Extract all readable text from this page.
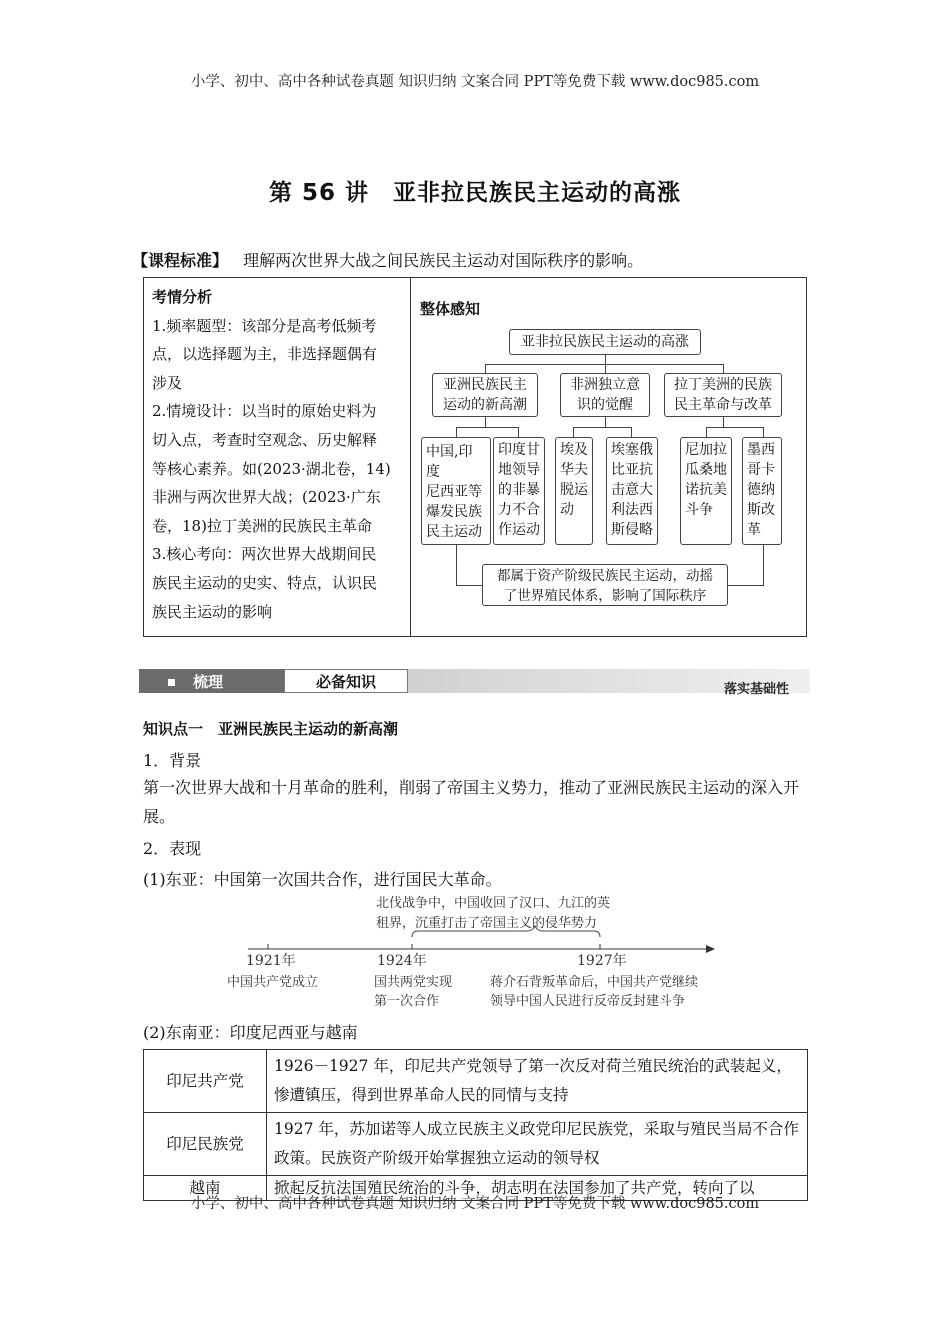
小学、初中、高中各种试卷真题 知识归纳 文案合同 PPT等免费下载 www.doc985.com
第 56 讲　亚非拉民族民主运动的高涨
【课程标准】 理解两次世界大战之间民族民主运动对国际秩序的影响。
考情分析
1.频率题型：该部分是高考低频考
点，以选择题为主，非选择题偶有
涉及
2.情境设计：以当时的原始史料为
切入点，考查时空观念、历史解释
等核心素养。如(2023·湖北卷，14)
非洲与两次世界大战；(2023·广东
卷，18)拉丁美洲的民族民主革命
3.核心考向：两次世界大战期间民
族民主运动的史实、特点，认识民
族民主运动的影响
整体感知
亚非拉民族民主运动的高涨
亚洲民族民主
运动的新高潮
非洲独立意
识的觉醒
拉丁美洲的民族
民主革命与改革
中国,印度
尼西亚等
爆发民族
民主运动
印度甘
地领导
的非暴
力不合
作运动
埃及
华夫
脱运
动
埃塞俄
比亚抗
击意大
利法西
斯侵略
尼加拉
瓜桑地
诺抗美
斗争
墨西
哥卡
德纳
斯改
革
都属于资产阶级民族民主运动，动摇
了世界殖民体系，影响了国际秩序
梳理	必备知识	落实基础性
知识点一　亚洲民族民主运动的新高潮
1．背景
第一次世界大战和十月革命的胜利，削弱了帝国主义势力，推动了亚洲民族民主运动的深入开展。
2．表现
(1)东亚：中国第一次国共合作，进行国民大革命。
北伐战争中，中国收回了汉口、九江的英
租界，沉重打击了帝国主义的侵华势力
1921年	1924年	1927年
中国共产党成立	国共两党实现
第一次合作
蒋介石背叛革命后，中国共产党继续
领导中国人民进行反帝反封建斗争
(2)东南亚：印度尼西亚与越南
印尼共产党	1926－1927 年，印尼共产党领导了第一次反对荷兰殖民统治的武装起义，惨遭镇压，得到世界革命人民的同情与支持
印尼民族党	1927 年，苏加诺等人成立民族主义政党印尼民族党，采取与殖民当局不合作政策。民族资产阶级开始掌握独立运动的领导权
越南	掀起反抗法国殖民统治的斗争，胡志明在法国参加了共产党，转向了以
小学、初中、高中各种试卷真题 知识归纳 文案合同 PPT等免费下载 www.doc985.com
